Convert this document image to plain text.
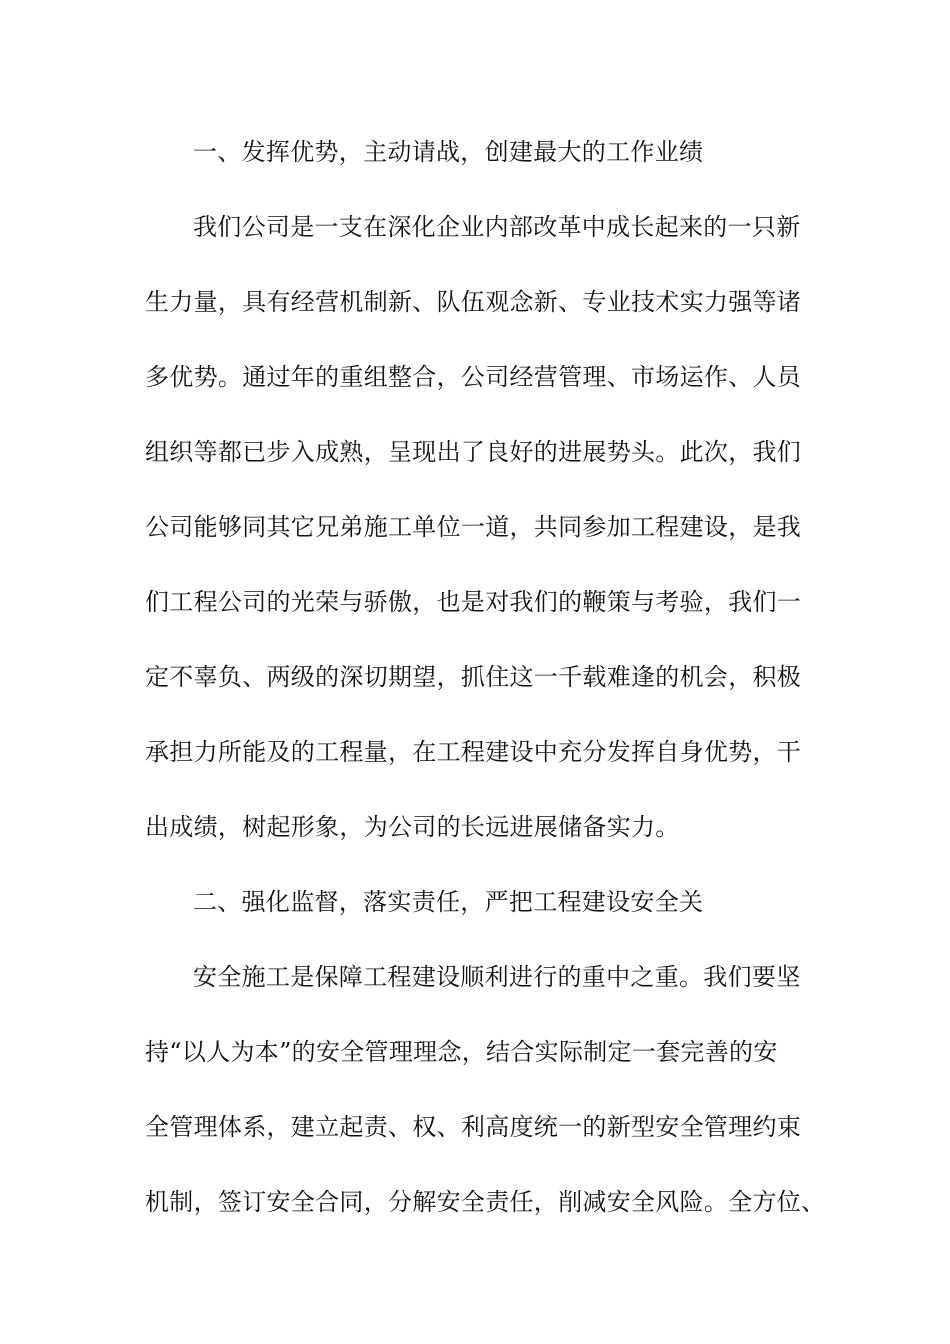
一、发挥优势，主动请战，创建最大的工作业绩
我们公司是一支在深化企业内部改革中成长起来的一只新
生力量，具有经营机制新、队伍观念新、专业技术实力强等诸
多优势。通过年的重组整合，公司经营管理、市场运作、人员
组织等都已步入成熟，呈现出了良好的进展势头。此次，我们
公司能够同其它兄弟施工单位一道，共同参加工程建设，是我
们工程公司的光荣与骄傲，也是对我们的鞭策与考验，我们一
定不辜负、两级的深切期望，抓住这一千载难逢的机会，积极
承担力所能及的工程量，在工程建设中充分发挥自身优势，干
出成绩，树起形象，为公司的长远进展储备实力。
二、强化监督，落实责任，严把工程建设安全关
安全施工是保障工程建设顺利进行的重中之重。我们要坚
持“以人为本”的安全管理理念，结合实际制定一套完善的安
全管理体系，建立起责、权、利高度统一的新型安全管理约束
机制，签订安全合同，分解安全责任，削减安全风险。全方位、
